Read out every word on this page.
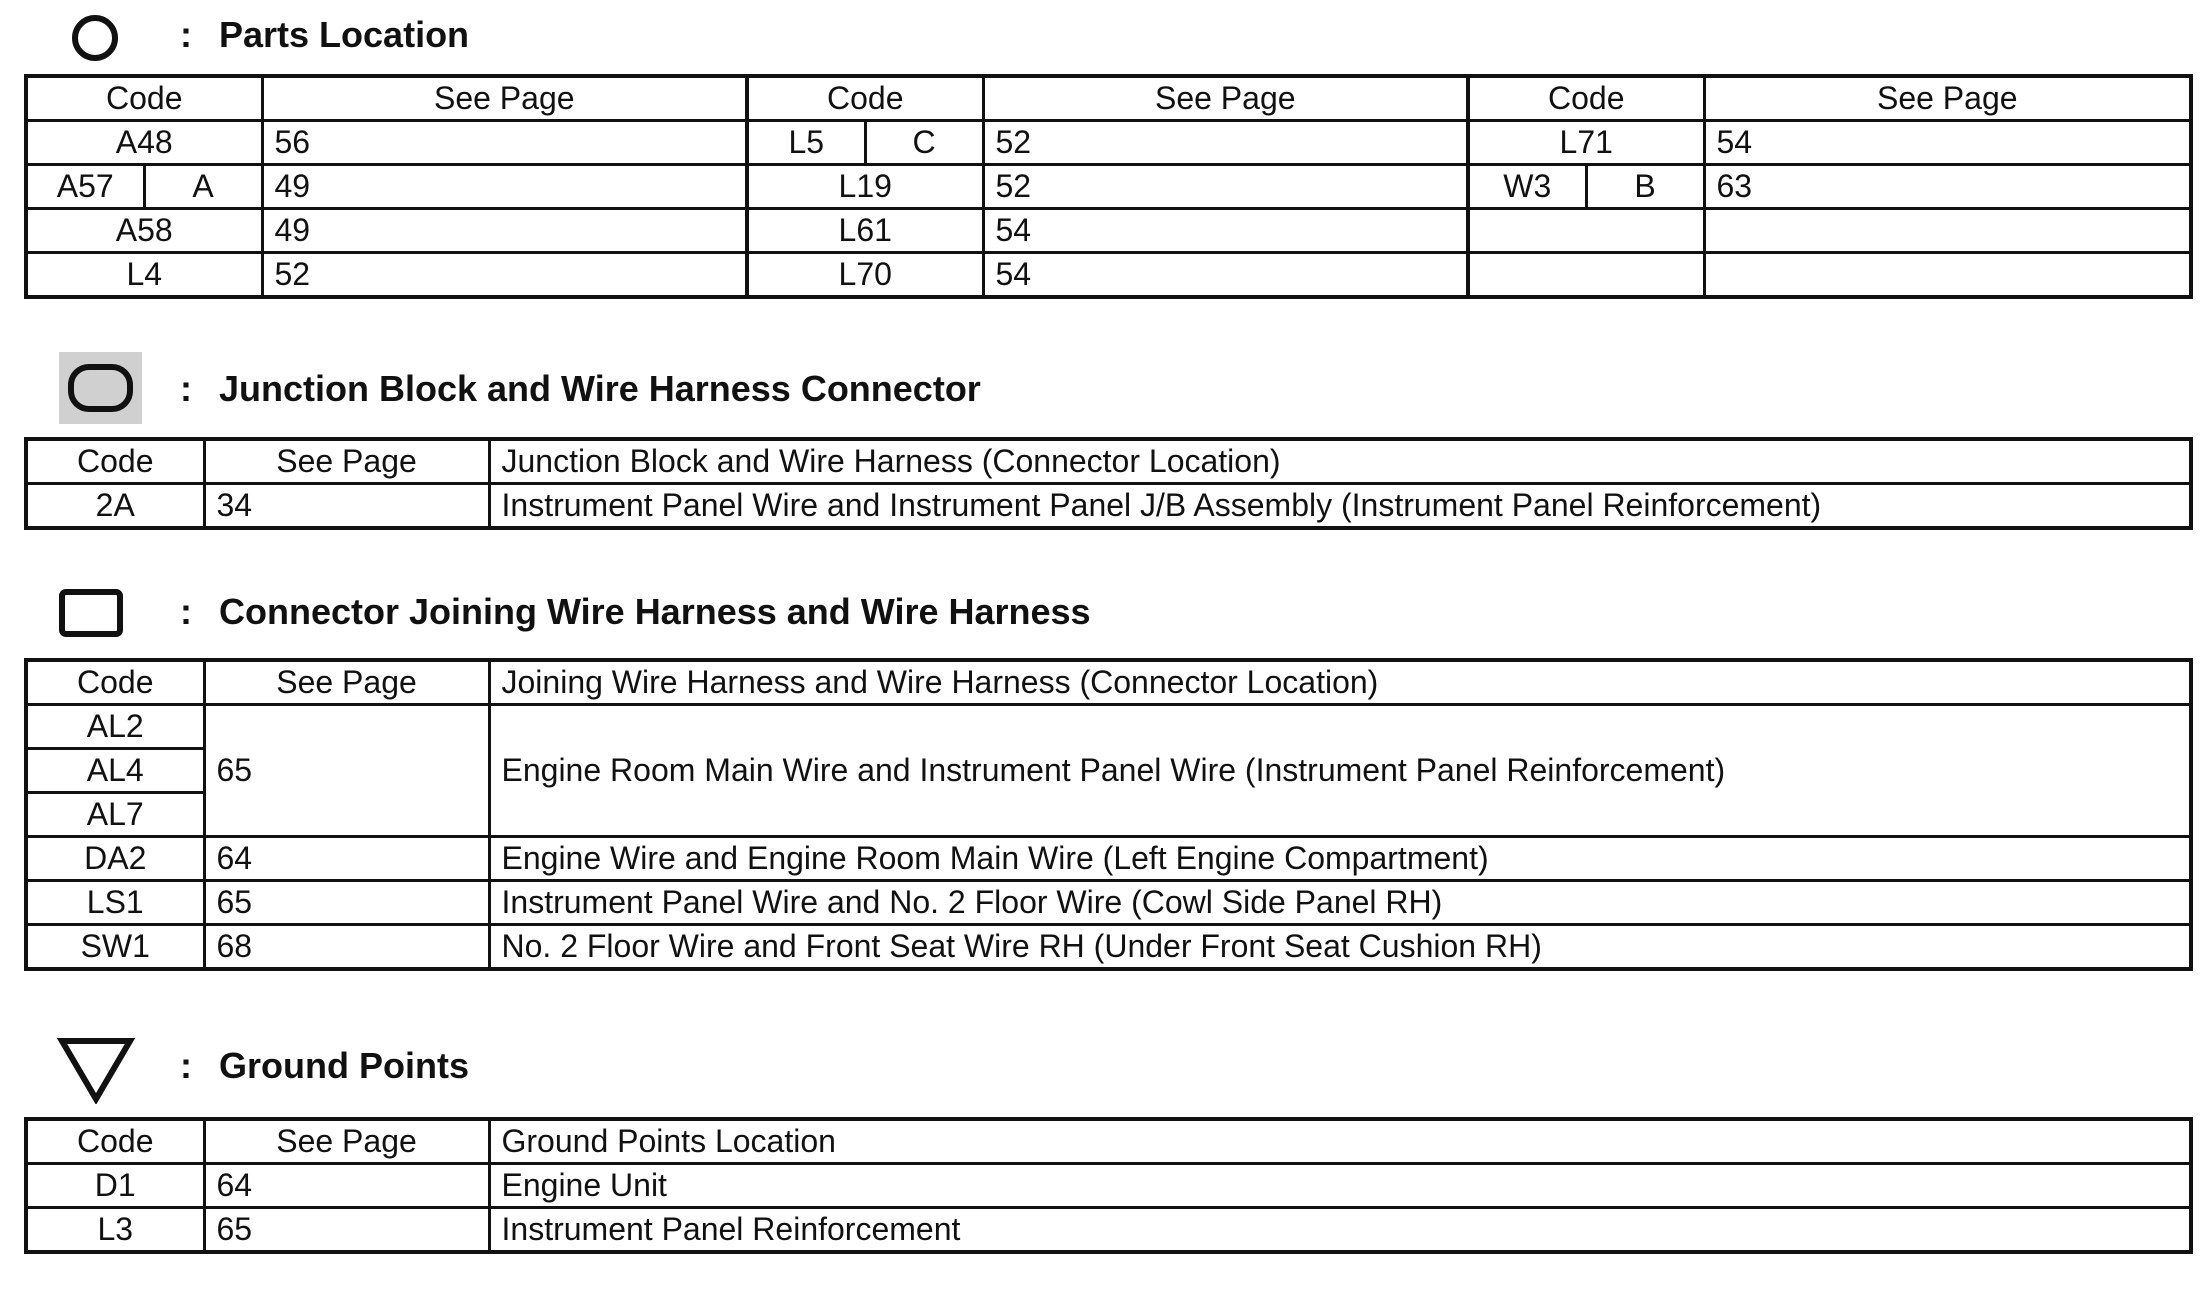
: Parts Location
Code		See Page	Code		See Page	Code		See Page
A48		56	L5	C	52	L71		54
A57	A	49	L19		52	W3	B	63
A58		49	L61		54			
L4		52	L70		54			
: Junction Block and Wire Harness Connector
Code	See Page	Junction Block and Wire Harness (Connector Location)
2A	34	Instrument Panel Wire and Instrument Panel J/B Assembly (Instrument Panel Reinforcement)
: Connector Joining Wire Harness and Wire Harness
Code	See Page	Joining Wire Harness and Wire Harness (Connector Location)
AL2	65	Engine Room Main Wire and Instrument Panel Wire (Instrument Panel Reinforcement)
AL4		
AL7		
DA2	64	Engine Wire and Engine Room Main Wire (Left Engine Compartment)
LS1	65	Instrument Panel Wire and No. 2 Floor Wire (Cowl Side Panel RH)
SW1	68	No. 2 Floor Wire and Front Seat Wire RH (Under Front Seat Cushion RH)
: Ground Points
Code	See Page	Ground Points Location
D1	64	Engine Unit
L3	65	Instrument Panel Reinforcement
